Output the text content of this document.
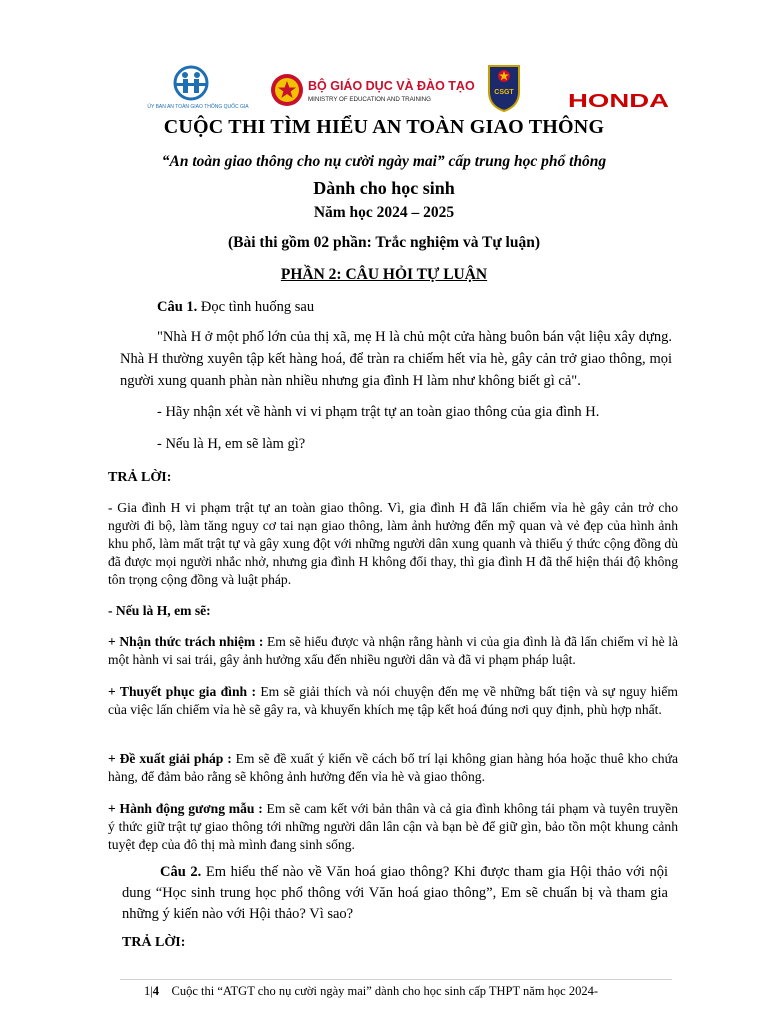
ỦY BAN AN TOÀN GIAO THÔNG QUỐC GIA
BỘ GIÁO DỤC VÀ ĐÀO TẠO
MINISTRY OF EDUCATION AND TRAINING
CSGT	HONDA
CUỘC THI TÌM HIỂU AN TOÀN GIAO THÔNG
“An toàn giao thông cho nụ cười ngày mai” cấp trung học phổ thông
Dành cho học sinh
Năm học 2024 – 2025
(Bài thi gồm 02 phần: Trắc nghiệm và Tự luận)
PHẦN 2: CÂU HỎI TỰ LUẬN
Câu 1. Đọc tình huống sau
"Nhà H ở một phố lớn của thị xã, mẹ H là chủ một cửa hàng buôn bán vật liệu xây dựng. Nhà H thường xuyên tập kết hàng hoá, để tràn ra chiếm hết vỉa hè, gây cản trở giao thông, mọi người xung quanh phàn nàn nhiều nhưng gia đình H làm như không biết gì cả".
- Hãy nhận xét về hành vi vi phạm trật tự an toàn giao thông của gia đình H.
- Nếu là H, em sẽ làm gì?
TRẢ LỜI:
- Gia đình H vi phạm trật tự an toàn giao thông. Vì, gia đình H đã lấn chiếm vỉa hè gây cản trở cho người đi bộ, làm tăng nguy cơ tai nạn giao thông, làm ảnh hưởng đến mỹ quan và vẻ đẹp của hình ảnh khu phố, làm mất trật tự và gây xung đột với những người dân xung quanh và thiếu ý thức cộng đồng dù đã được mọi người nhắc nhở, nhưng gia đình H không đổi thay, thì gia đình H đã thể hiện thái độ không tôn trọng cộng đồng và luật pháp.
- Nếu là H, em sẽ:
+ Nhận thức trách nhiệm : Em sẽ hiểu được và nhận rằng hành vi của gia đình là đã lấn chiếm vỉ hè là một hành vi sai trái, gây ảnh hưởng xấu đến nhiều người dân và đã vi phạm pháp luật.
+ Thuyết phục gia đình : Em sẽ giải thích và nói chuyện đến mẹ về những bất tiện và sự nguy hiểm của việc lấn chiếm vỉa hè sẽ gây ra, và khuyến khích mẹ tập kết hoá đúng nơi quy định, phù hợp nhất.
+ Đề xuất giải pháp : Em sẽ đề xuất ý kiến về cách bố trí lại không gian hàng hóa hoặc thuê kho chứa hàng, để đảm bảo rằng sẽ không ảnh hưởng đến vỉa hè và giao thông.
+ Hành động gương mẫu : Em sẽ cam kết với bản thân và cả gia đình không tái phạm và tuyên truyền ý thức giữ trật tự giao thông tới những người dân lân cận và bạn bè để giữ gìn, bảo tồn một khung cảnh tuyệt đẹp của đô thị mà mình đang sinh sống.
Câu 2. Em hiểu thế nào về Văn hoá giao thông? Khi được tham gia Hội thảo với nội dung “Học sinh trung học phổ thông với Văn hoá giao thông”, Em sẽ chuẩn bị và tham gia những ý kiến nào với Hội thảo? Vì sao?
TRẢ LỜI:
1|4 Cuộc thi “ATGT cho nụ cười ngày mai” dành cho học sinh cấp THPT năm học 2024-
